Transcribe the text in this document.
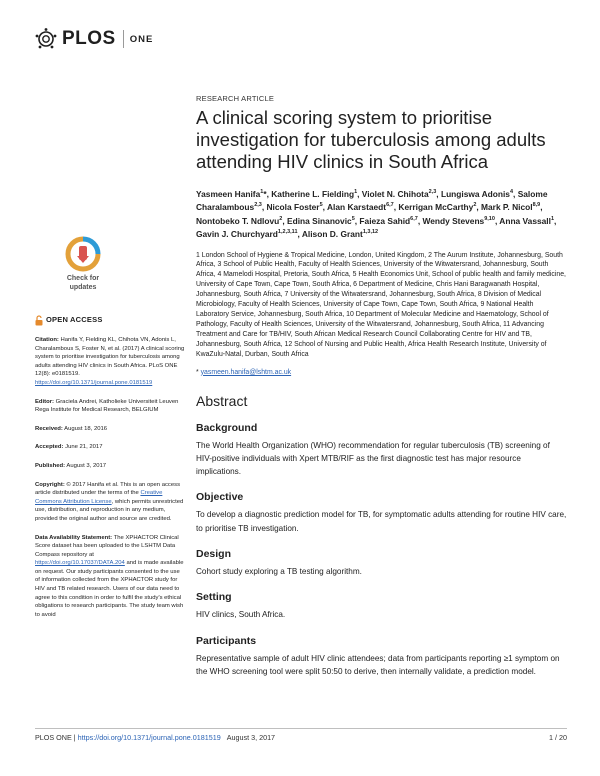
PLOS ONE
Check for
updates
OPEN ACCESS

Citation: Hanifa Y, Fielding KL, Chihota VN, Adonis L, Charalambous S, Foster N, et al. (2017) A clinical scoring system to prioritise investigation for tuberculosis among adults attending HIV clinics in South Africa. PLoS ONE 12(8): e0181519. https://doi.org/10.1371/journal.pone.0181519

Editor: Graciela Andrei, Katholieke Universiteit Leuven Rega Institute for Medical Research, BELGIUM

Received: August 18, 2016

Accepted: June 21, 2017

Published: August 3, 2017

Copyright: © 2017 Hanifa et al. This is an open access article distributed under the terms of the Creative Commons Attribution License, which permits unrestricted use, distribution, and reproduction in any medium, provided the original author and source are credited.

Data Availability Statement: The XPHACTOR Clinical Score dataset has been uploaded to the LSHTM Data Compass repository at https://doi.org/10.17037/DATA.204 and is made available on request. Our study participants consented to the use of information collected from the XPHACTOR study for HIV and TB related research. Users of our data need to agree to this condition in order to fulfil the study's ethical obligations to research participants. The study team wish to avoid

RESEARCH ARTICLE
A clinical scoring system to prioritise investigation for tuberculosis among adults attending HIV clinics in South Africa
Yasmeen Hanifa$^1$*, Katherine L. Fielding$^1$, Violet N. Chihota$^{2,3}$, Lungiswa Adonis$^4$, Salome Charalambous$^{2,3}$, Nicola Foster$^5$, Alan Karstaedt$^{6,7}$, Kerrigan McCarthy$^2$, Mark P. Nicol$^{8,9}$, Nontobeko T. Ndlovu$^2$, Edina Sinanovic$^5$, Faieza Sahid$^{6,7}$, Wendy Stevens$^{9,10}$, Anna Vassall$^1$, Gavin J. Churchyard$^{1,2,3,11}$, Alison D. Grant$^{1,3,12}$
1 London School of Hygiene & Tropical Medicine, London, United Kingdom, 2 The Aurum Institute, Johannesburg, South Africa, 3 School of Public Health, Faculty of Health Sciences, University of the Witwatersrand, Johannesburg, South Africa, 4 Mamelodi Hospital, Pretoria, South Africa, 5 Health Economics Unit, School of public health and family medicine, University of Cape Town, Cape Town, South Africa, 6 Department of Medicine, Chris Hani Baragwanath Hospital, Johannesburg, South Africa, 7 University of the Witwatersrand, Johannesburg, South Africa, 8 Division of Medical Microbiology, Faculty of Health Sciences, University of Cape Town, Cape Town, South Africa, 9 National Health Laboratory Service, Johannesburg, South Africa, 10 Department of Molecular Medicine and Haematology, School of Pathology, Faculty of Health Sciences, University of the Witwatersrand, Johannesburg, South Africa, 11 Advancing Treatment and Care for TB/HIV, South African Medical Research Council Collaborating Centre for HIV and TB, Johannesburg, South Africa, 12 School of Nursing and Public Health, Africa Health Research Institute, University of KwaZulu-Natal, Durban, South Africa
* yasmeen.hanifa@lshtm.ac.uk
Abstract
Background

The World Health Organization (WHO) recommendation for regular tuberculosis (TB) screening of HIV-positive individuals with Xpert MTB/RIF as the first diagnostic test has major resource implications.

Objective

To develop a diagnostic prediction model for TB, for symptomatic adults attending for routine HIV care, to prioritise TB investigation.

Design

Cohort study exploring a TB testing algorithm.

Setting

HIV clinics, South Africa.

Participants

Representative sample of adult HIV clinic attendees; data from participants reporting ≥1 symptom on the WHO screening tool were split 50:50 to derive, then internally validate, a prediction model.

PLOS ONE | https://doi.org/10.1371/journal.pone.0181519 August 3, 2017	1 / 20
